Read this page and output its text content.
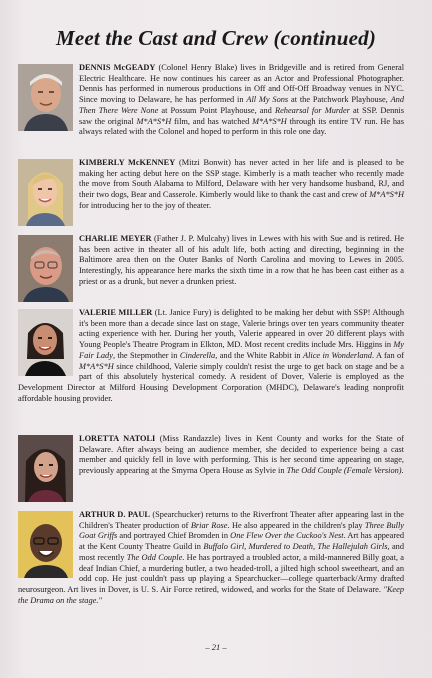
Meet the Cast and Crew (continued)

DENNIS McGEADY (Colonel Henry Blake) lives in Bridgeville and is retired from General Electric Healthcare. He now continues his career as an Actor and Professional Photographer. Dennis has performed in numerous productions in Off and Off-Off Broadway venues in NYC. Since moving to Delaware, he has performed in All My Sons at the Patchwork Playhouse, And Then There Were None at Possum Point Playhouse, and Rehearsal for Murder at SSP. Dennis saw the original M*A*S*H film, and has watched M*A*S*H through its entire TV run. He has always related with the Colonel and hoped to perform in this role one day.

KIMBERLY McKENNEY (Mitzi Bonwit) has never acted in her life and is pleased to be making her acting debut here on the SSP stage. Kimberly is a math teacher who recently made the move from South Alabama to Milford, Delaware with her very handsome husband, RJ, and their two dogs, Bear and Casserole. Kimberly would like to thank the cast and crew of M*A*S*H for introducing her to the joy of theater.

CHARLIE MEYER (Father J. P. Mulcahy) lives in Lewes with his with Sue and is retired. He has been active in theater all of his adult life, both acting and directing, beginning in the Baltimore area then on the Outer Banks of North Carolina and moving to Lewes in 2005. Interestingly, his appearance here marks the sixth time in a row that he has been cast either as a priest or as a drunk, but never a drunken priest.

VALERIE MILLER (Lt. Janice Fury) is delighted to be making her debut with SSP! Although it's been more than a decade since last on stage, Valerie brings over ten years community theater acting experience with her. During her youth, Valerie appeared in over 20 different plays with Young People's Theatre Program in Elkton, MD. Most recent credits include Mrs. Higgins in My Fair Lady, the Stepmother in Cinderella, and the White Rabbit in Alice in Wonderland. A fan of M*A*S*H since childhood, Valerie simply couldn't resist the urge to get back on stage and be a part of this absolutely hysterical comedy. A resident of Dover, Valerie is employed as the Development Director at Milford Housing Development Corporation (MHDC), Delaware's leading nonprofit affordable housing provider.

LORETTA NATOLI (Miss Randazzle) lives in Kent County and works for the State of Delaware. After always being an audience member, she decided to experience being a cast member and quickly fell in love with performing. This is her second time appearing on stage, previously appearing at the Smyrna Opera House as Sylvie in The Odd Couple (Female Version).

ARTHUR D. PAUL (Spearchucker) returns to the Riverfront Theater after appearing last in the Children's Theater production of Briar Rose. He also appeared in the children's play Three Bully Goat Griffs and portrayed Chief Bromden in One Flew Over the Cuckoo's Nest. Art has appeared at the Kent County Theatre Guild in Buffalo Girl, Murdered to Death, The Hallejulah Girls, and most recently The Odd Couple. He has portrayed a troubled actor, a mild-mannered Billy goat, a deaf Indian Chief, a murdering butler, a two headed-troll, a jilted high school sweetheart, and an odd cop. He just couldn't pass up playing a Spearchucker—college quarterback/Army drafted neurosurgeon. Art lives in Dover, is U. S. Air Force retired, widowed, and works for the State of Delaware. "Keep the Drama on the stage."

– 21 –
